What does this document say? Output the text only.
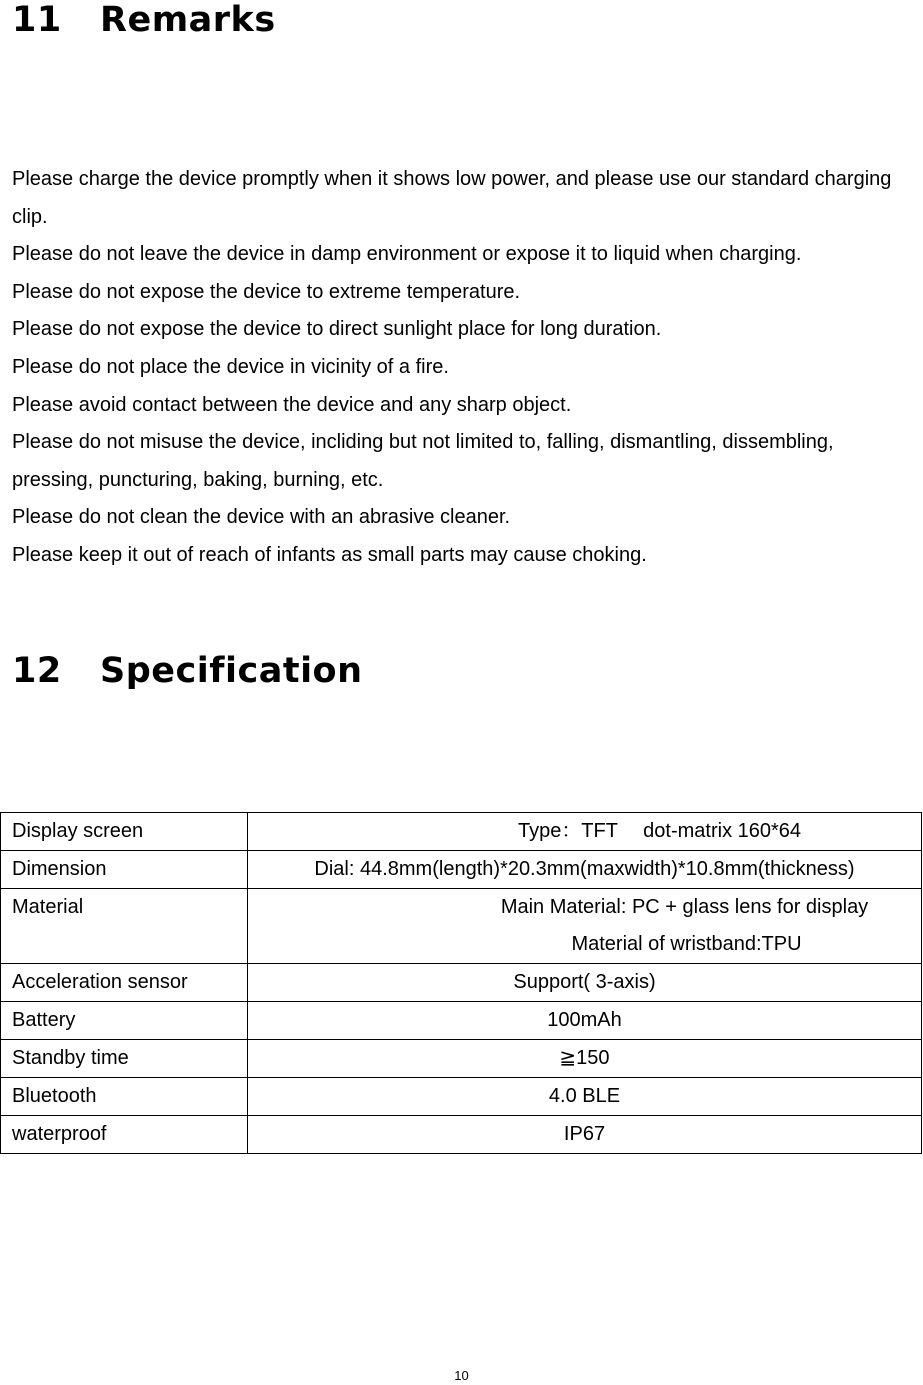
11 Remarks

Please charge the device promptly when it shows low power, and please use our standard charging clip.

Please do not leave the device in damp environment or expose it to liquid when charging.

Please do not expose the device to extreme temperature.

Please do not expose the device to direct sunlight place for long duration.

Please do not place the device in vicinity of a fire.

Please avoid contact between the device and any sharp object.

Please do not misuse the device, incliding but not limited to, falling, dismantling, dissembling, pressing, puncturing, baking, burning, etc.

Please do not clean the device with an abrasive cleaner.

Please keep it out of reach of infants as small parts may cause choking.

12 Specification
Display screen	Type：TFT　 dot-matrix 160*64
Dimension	Dial: 44.8mm(length)*20.3mm(maxwidth)*10.8mm(thickness)
Material	Main Material: PC + glass lens for display
Material of wristband:TPU

Acceleration sensor	Support( 3-axis)
Battery	100mAh
Standby time	≧150
Bluetooth	4.0 BLE
waterproof	IP67
10
